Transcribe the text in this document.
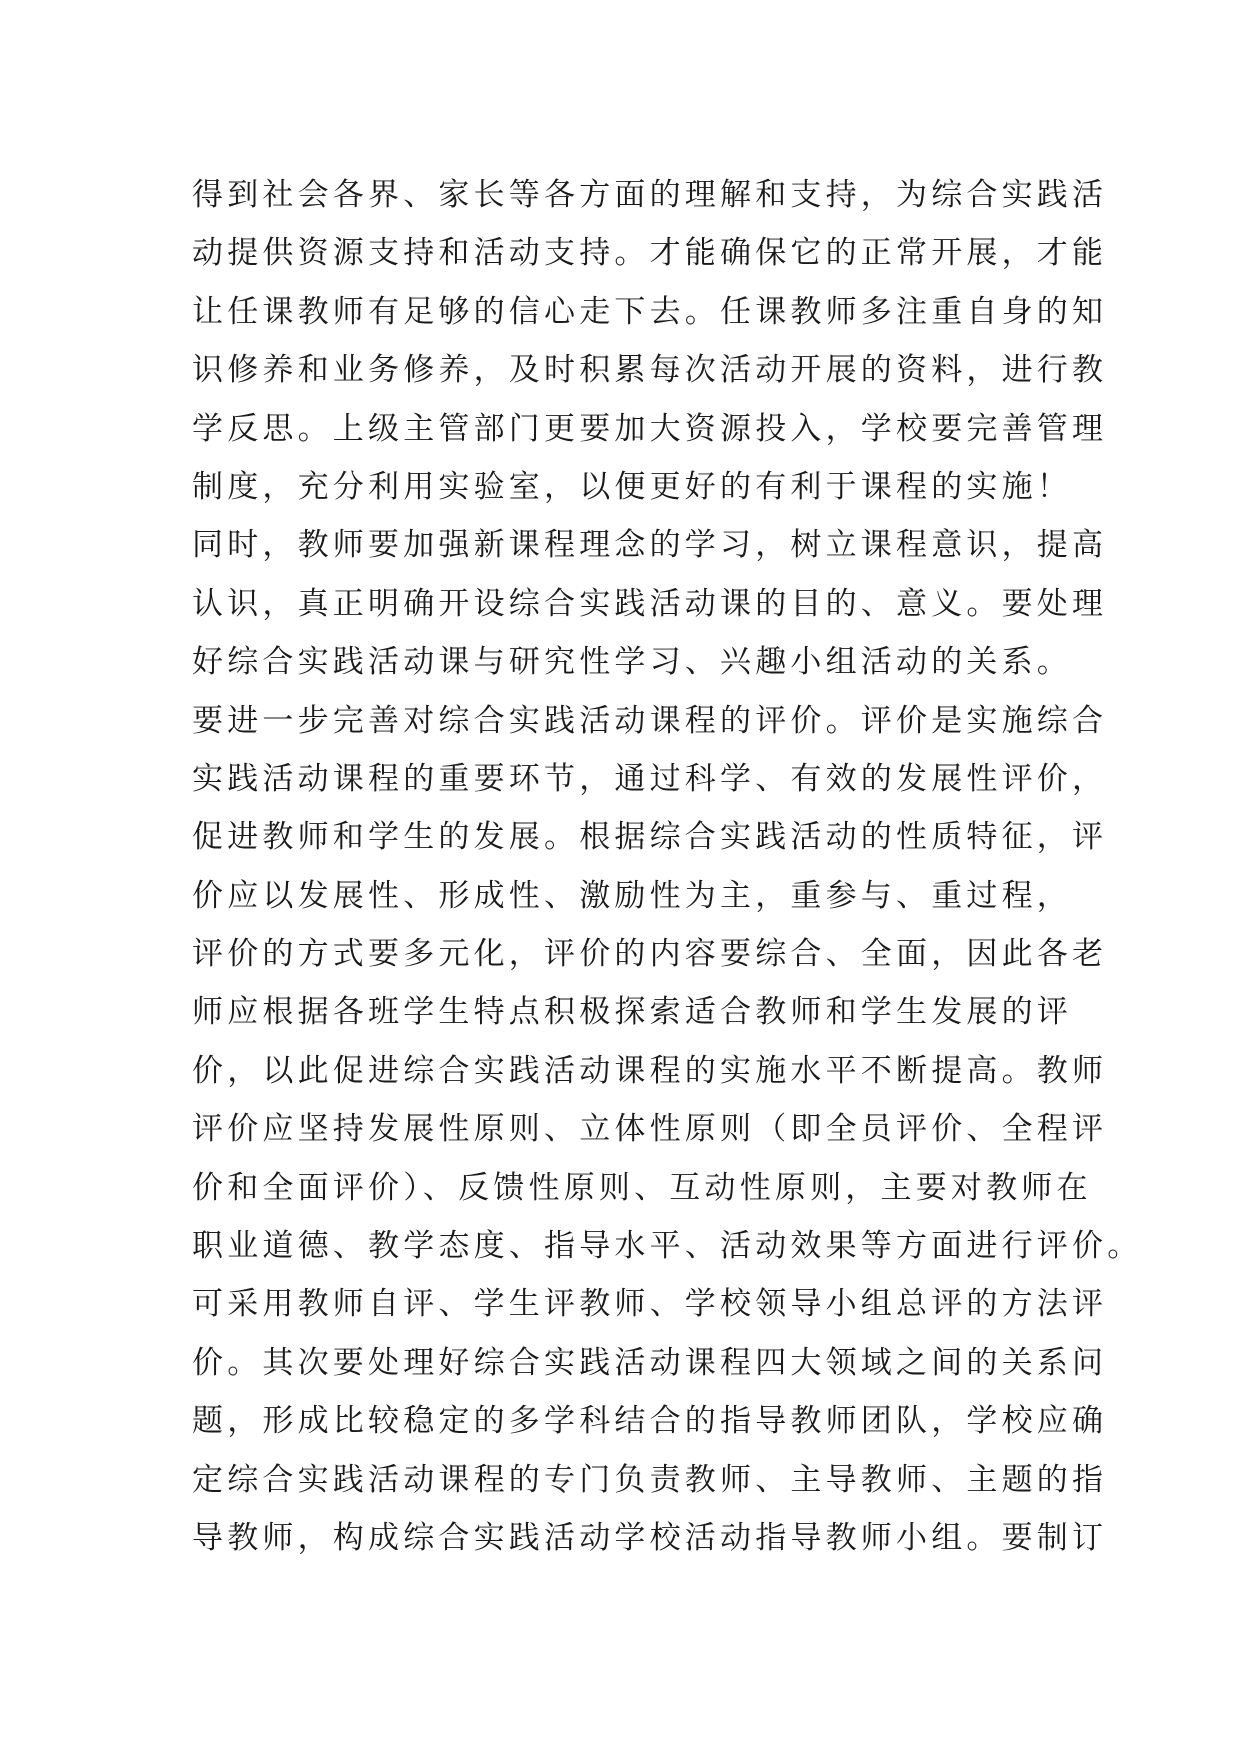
得到社会各界、家长等各方面的理解和支持，为综合实践活
动提供资源支持和活动支持。才能确保它的正常开展，才能
让任课教师有足够的信心走下去。任课教师多注重自身的知
识修养和业务修养，及时积累每次活动开展的资料，进行教
学反思。上级主管部门更要加大资源投入，学校要完善管理
制度，充分利用实验室，以便更好的有利于课程的实施！
同时，教师要加强新课程理念的学习，树立课程意识，提高
认识，真正明确开设综合实践活动课的目的、意义。要处理
好综合实践活动课与研究性学习、兴趣小组活动的关系。
要进一步完善对综合实践活动课程的评价。评价是实施综合
实践活动课程的重要环节，通过科学、有效的发展性评价，
促进教师和学生的发展。根据综合实践活动的性质特征，评
价应以发展性、形成性、激励性为主，重参与、重过程，
评价的方式要多元化，评价的内容要综合、全面，因此各老
师应根据各班学生特点积极探索适合教师和学生发展的评
价，以此促进综合实践活动课程的实施水平不断提高。教师
评价应坚持发展性原则、立体性原则（即全员评价、全程评
价和全面评价）、反馈性原则、互动性原则，主要对教师在
职业道德、教学态度、指导水平、活动效果等方面进行评价。
可采用教师自评、学生评教师、学校领导小组总评的方法评
价。其次要处理好综合实践活动课程四大领域之间的关系问
题，形成比较稳定的多学科结合的指导教师团队，学校应确
定综合实践活动课程的专门负责教师、主导教师、主题的指
导教师，构成综合实践活动学校活动指导教师小组。要制订
